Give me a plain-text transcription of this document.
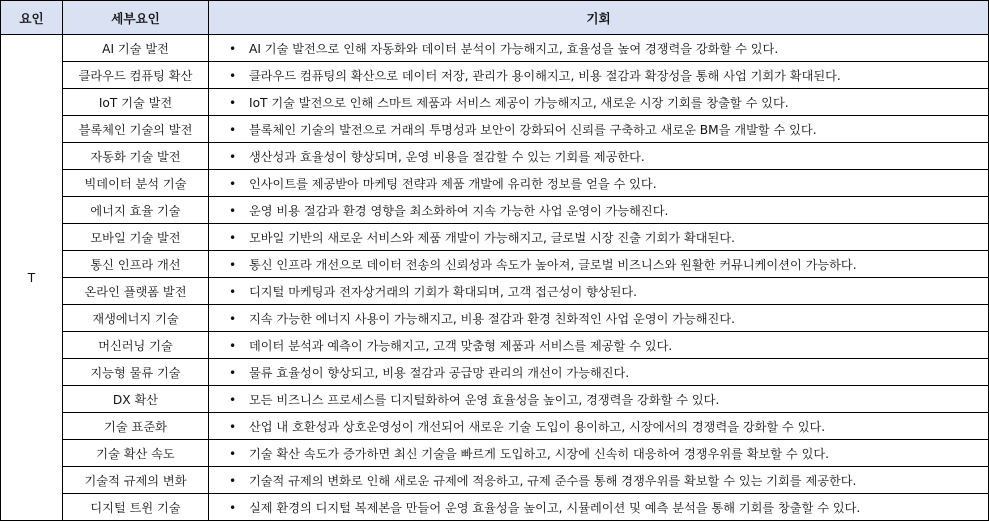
요인	세부요인	기회
T	AI 기술 발전	• AI 기술 발전으로 인해 자동화와 데이터 분석이 가능해지고, 효율성을 높여 경쟁력을 강화할 수 있다.
	클라우드 컴퓨팅 확산	• 클라우드 컴퓨팅의 확산으로 데이터 저장, 관리가 용이해지고, 비용 절감과 확장성을 통해 사업 기회가 확대된다.
	IoT 기술 발전	• IoT 기술 발전으로 인해 스마트 제품과 서비스 제공이 가능해지고, 새로운 시장 기회를 창출할 수 있다.
	블록체인 기술의 발전	• 블록체인 기술의 발전으로 거래의 투명성과 보안이 강화되어 신뢰를 구축하고 새로운 BM을 개발할 수 있다.
	자동화 기술 발전	• 생산성과 효율성이 향상되며, 운영 비용을 절감할 수 있는 기회를 제공한다.
	빅데이터 분석 기술	• 인사이트를 제공받아 마케팅 전략과 제품 개발에 유리한 정보를 얻을 수 있다.
	에너지 효율 기술	• 운영 비용 절감과 환경 영향을 최소화하여 지속 가능한 사업 운영이 가능해진다.
	모바일 기술 발전	• 모바일 기반의 새로운 서비스와 제품 개발이 가능해지고, 글로벌 시장 진출 기회가 확대된다.
	통신 인프라 개선	• 통신 인프라 개선으로 데이터 전송의 신뢰성과 속도가 높아져, 글로벌 비즈니스와 원활한 커뮤니케이션이 가능하다.
	온라인 플랫폼 발전	• 디지털 마케팅과 전자상거래의 기회가 확대되며, 고객 접근성이 향상된다.
	재생에너지 기술	• 지속 가능한 에너지 사용이 가능해지고, 비용 절감과 환경 친화적인 사업 운영이 가능해진다.
	머신러닝 기술	• 데이터 분석과 예측이 가능해지고, 고객 맞춤형 제품과 서비스를 제공할 수 있다.
	지능형 물류 기술	• 물류 효율성이 향상되고, 비용 절감과 공급망 관리의 개선이 가능해진다.
	DX 확산	• 모든 비즈니스 프로세스를 디지털화하여 운영 효율성을 높이고, 경쟁력을 강화할 수 있다.
	기술 표준화	• 산업 내 호환성과 상호운영성이 개선되어 새로운 기술 도입이 용이하고, 시장에서의 경쟁력을 강화할 수 있다.
	기술 확산 속도	• 기술 확산 속도가 증가하면 최신 기술을 빠르게 도입하고, 시장에 신속히 대응하여 경쟁우위를 확보할 수 있다.
	기술적 규제의 변화	• 기술적 규제의 변화로 인해 새로운 규제에 적응하고, 규제 준수를 통해 경쟁우위를 확보할 수 있는 기회를 제공한다.
	디지털 트윈 기술	• 실제 환경의 디지털 복제본을 만들어 운영 효율성을 높이고, 시뮬레이션 및 예측 분석을 통해 기회를 창출할 수 있다.
